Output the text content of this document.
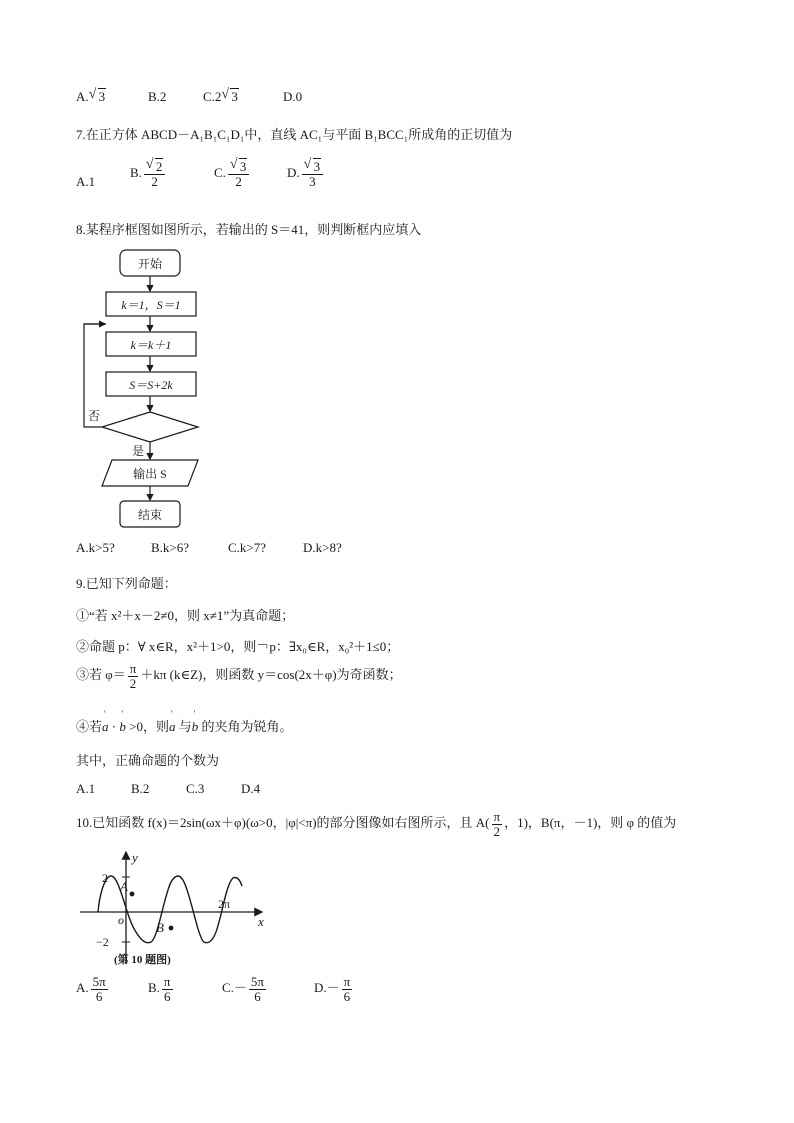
A. √ 3	B.2	C.2 √ 3	D.0
7.在正方体 ABCD－A₁B₁C₁D₁中，直线 AC₁与平面 B₁BCC₁所成角的正切值为
A.1
B. $\frac{√ 2}{2}$	C. $\frac{√ 3}{2}$	D. $\frac{√ 3}{3}$
8.某程序框图如图所示，若输出的 S＝41，则判断框内应填入
开始
k＝1，S＝1
k＝k＋1
S＝S+2k
否
是
输出 S
结束
A.k>5?	B.k>6?	C.k>7?	D.k>8?
9.已知下列命题：
①“若 x²＋x－2≠0，则 x≠1”为真命题；
②命题 p：∀ x∈R，x²＋1>0，则￢p：∃x₀∈R，x₀²＋1≤0；
③若 $\varphi= \frac{\pi}{2} +k\pi$ (k∈Z)，则函数 y＝cos(2x＋φ)为奇函数；
④若' a · ' b >0，则' a 与' b 的夹角为锐角。
其中，正确命题的个数为
A.1	B.2	C.3	D.4
10.已知函数 f(x)＝2sin(ωx＋φ)(ω>0，|φ|<π)的部分图像如右图所示，且 $A( \frac{\pi}{2}$ ，1)，B(π，－1)，则 φ 的值为
y
x
o
A
B
2
−2
2π
(第 10 题图)
A. $\frac{5\pi}{6}$	B. $\frac{\pi}{6}$	$C.- \frac{5\pi}{6}$	$D.- \frac{\pi}{6}$
